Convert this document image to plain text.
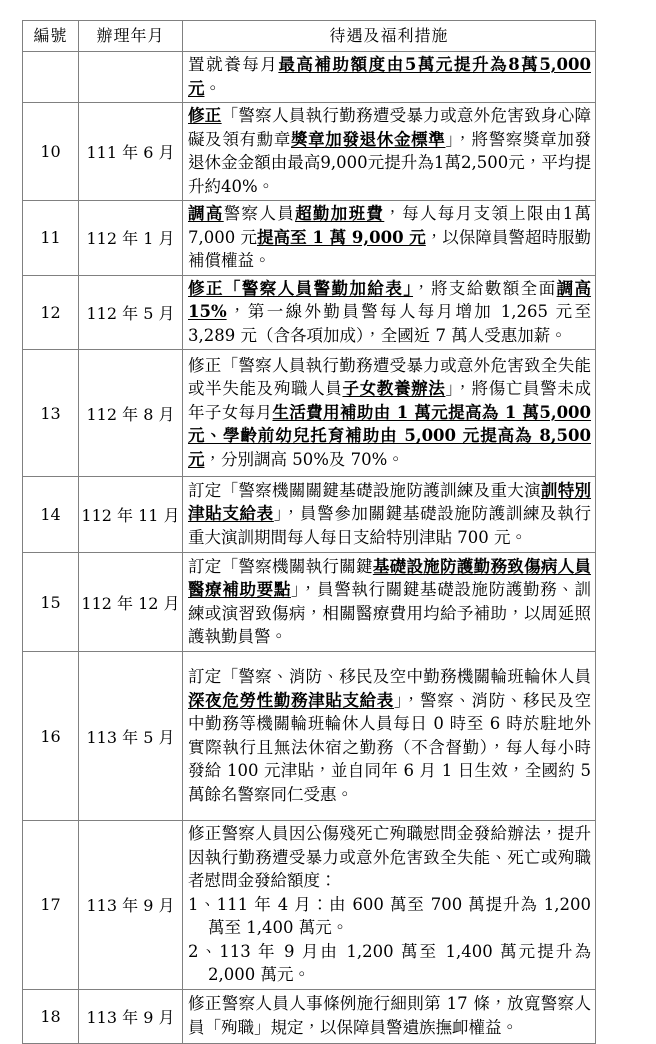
編號	辦理年月	待遇及福利措施

		置就養每月最高補助額度由5萬元提升為8萬5,000元。

10	111 年 6 月	修正「警察人員執行勤務遭受暴力或意外危害致身心障礙及領有勳章獎章加發退休金標準」，將警察獎章加發退休金金額由最高9,000元提升為1萬2,500元，平均提升約40%。

11	112 年 1 月	調高警察人員超勤加班費，每人每月支領上限由1萬7,000 元提高至 1 萬 9,000 元，以保障員警超時服勤補償權益。

12	112 年 5 月	修正「警察人員警勤加給表」，將支給數額全面調高15%，第一線外勤員警每人每月增加 1,265 元至3,289 元（含各項加成），全國近 7 萬人受惠加薪。

13	112 年 8 月	修正「警察人員執行勤務遭受暴力或意外危害致全失能或半失能及殉職人員子女教養辦法」，將傷亡員警未成年子女每月生活費用補助由 1 萬元提高為 1 萬5,000 元、學齡前幼兒托育補助由 5,000 元提高為 8,500 元，分別調高 50%及 70%。

14	112 年 11 月	訂定「警察機關關鍵基礎設施防護訓練及重大演訓特別津貼支給表」，員警參加關鍵基礎設施防護訓練及執行重大演訓期間每人每日支給特別津貼 700 元。

15	112 年 12 月	訂定「警察機關執行關鍵基礎設施防護勤務致傷病人員醫療補助要點」，員警執行關鍵基礎設施防護勤務、訓練或演習致傷病，相關醫療費用均給予補助，以周延照護執勤員警。

16	113 年 5 月	訂定「警察、消防、移民及空中勤務機關輪班輪休人員深夜危勞性勤務津貼支給表」，警察、消防、移民及空中勤務等機關輪班輪休人員每日 0 時至 6 時於駐地外實際執行且無法休宿之勤務（不含督勤），每人每小時發給 100 元津貼，並自同年 6 月 1 日生效，全國約 5 萬餘名警察同仁受惠。

17	113 年 9 月	修正警察人員因公傷殘死亡殉職慰問金發給辦法，提升因執行勤務遭受暴力或意外危害致全失能、死亡或殉職者慰問金發給額度：

1、111 年 4 月：由 600 萬至 700 萬提升為 1,200 萬至 1,400 萬元。

2、113 年 9 月由 1,200 萬至 1,400 萬元提升為 2,000 萬元。

18	113 年 9 月	修正警察人員人事條例施行細則第 17 條，放寬警察人員「殉職」規定，以保障員警遺族撫卹權益。
